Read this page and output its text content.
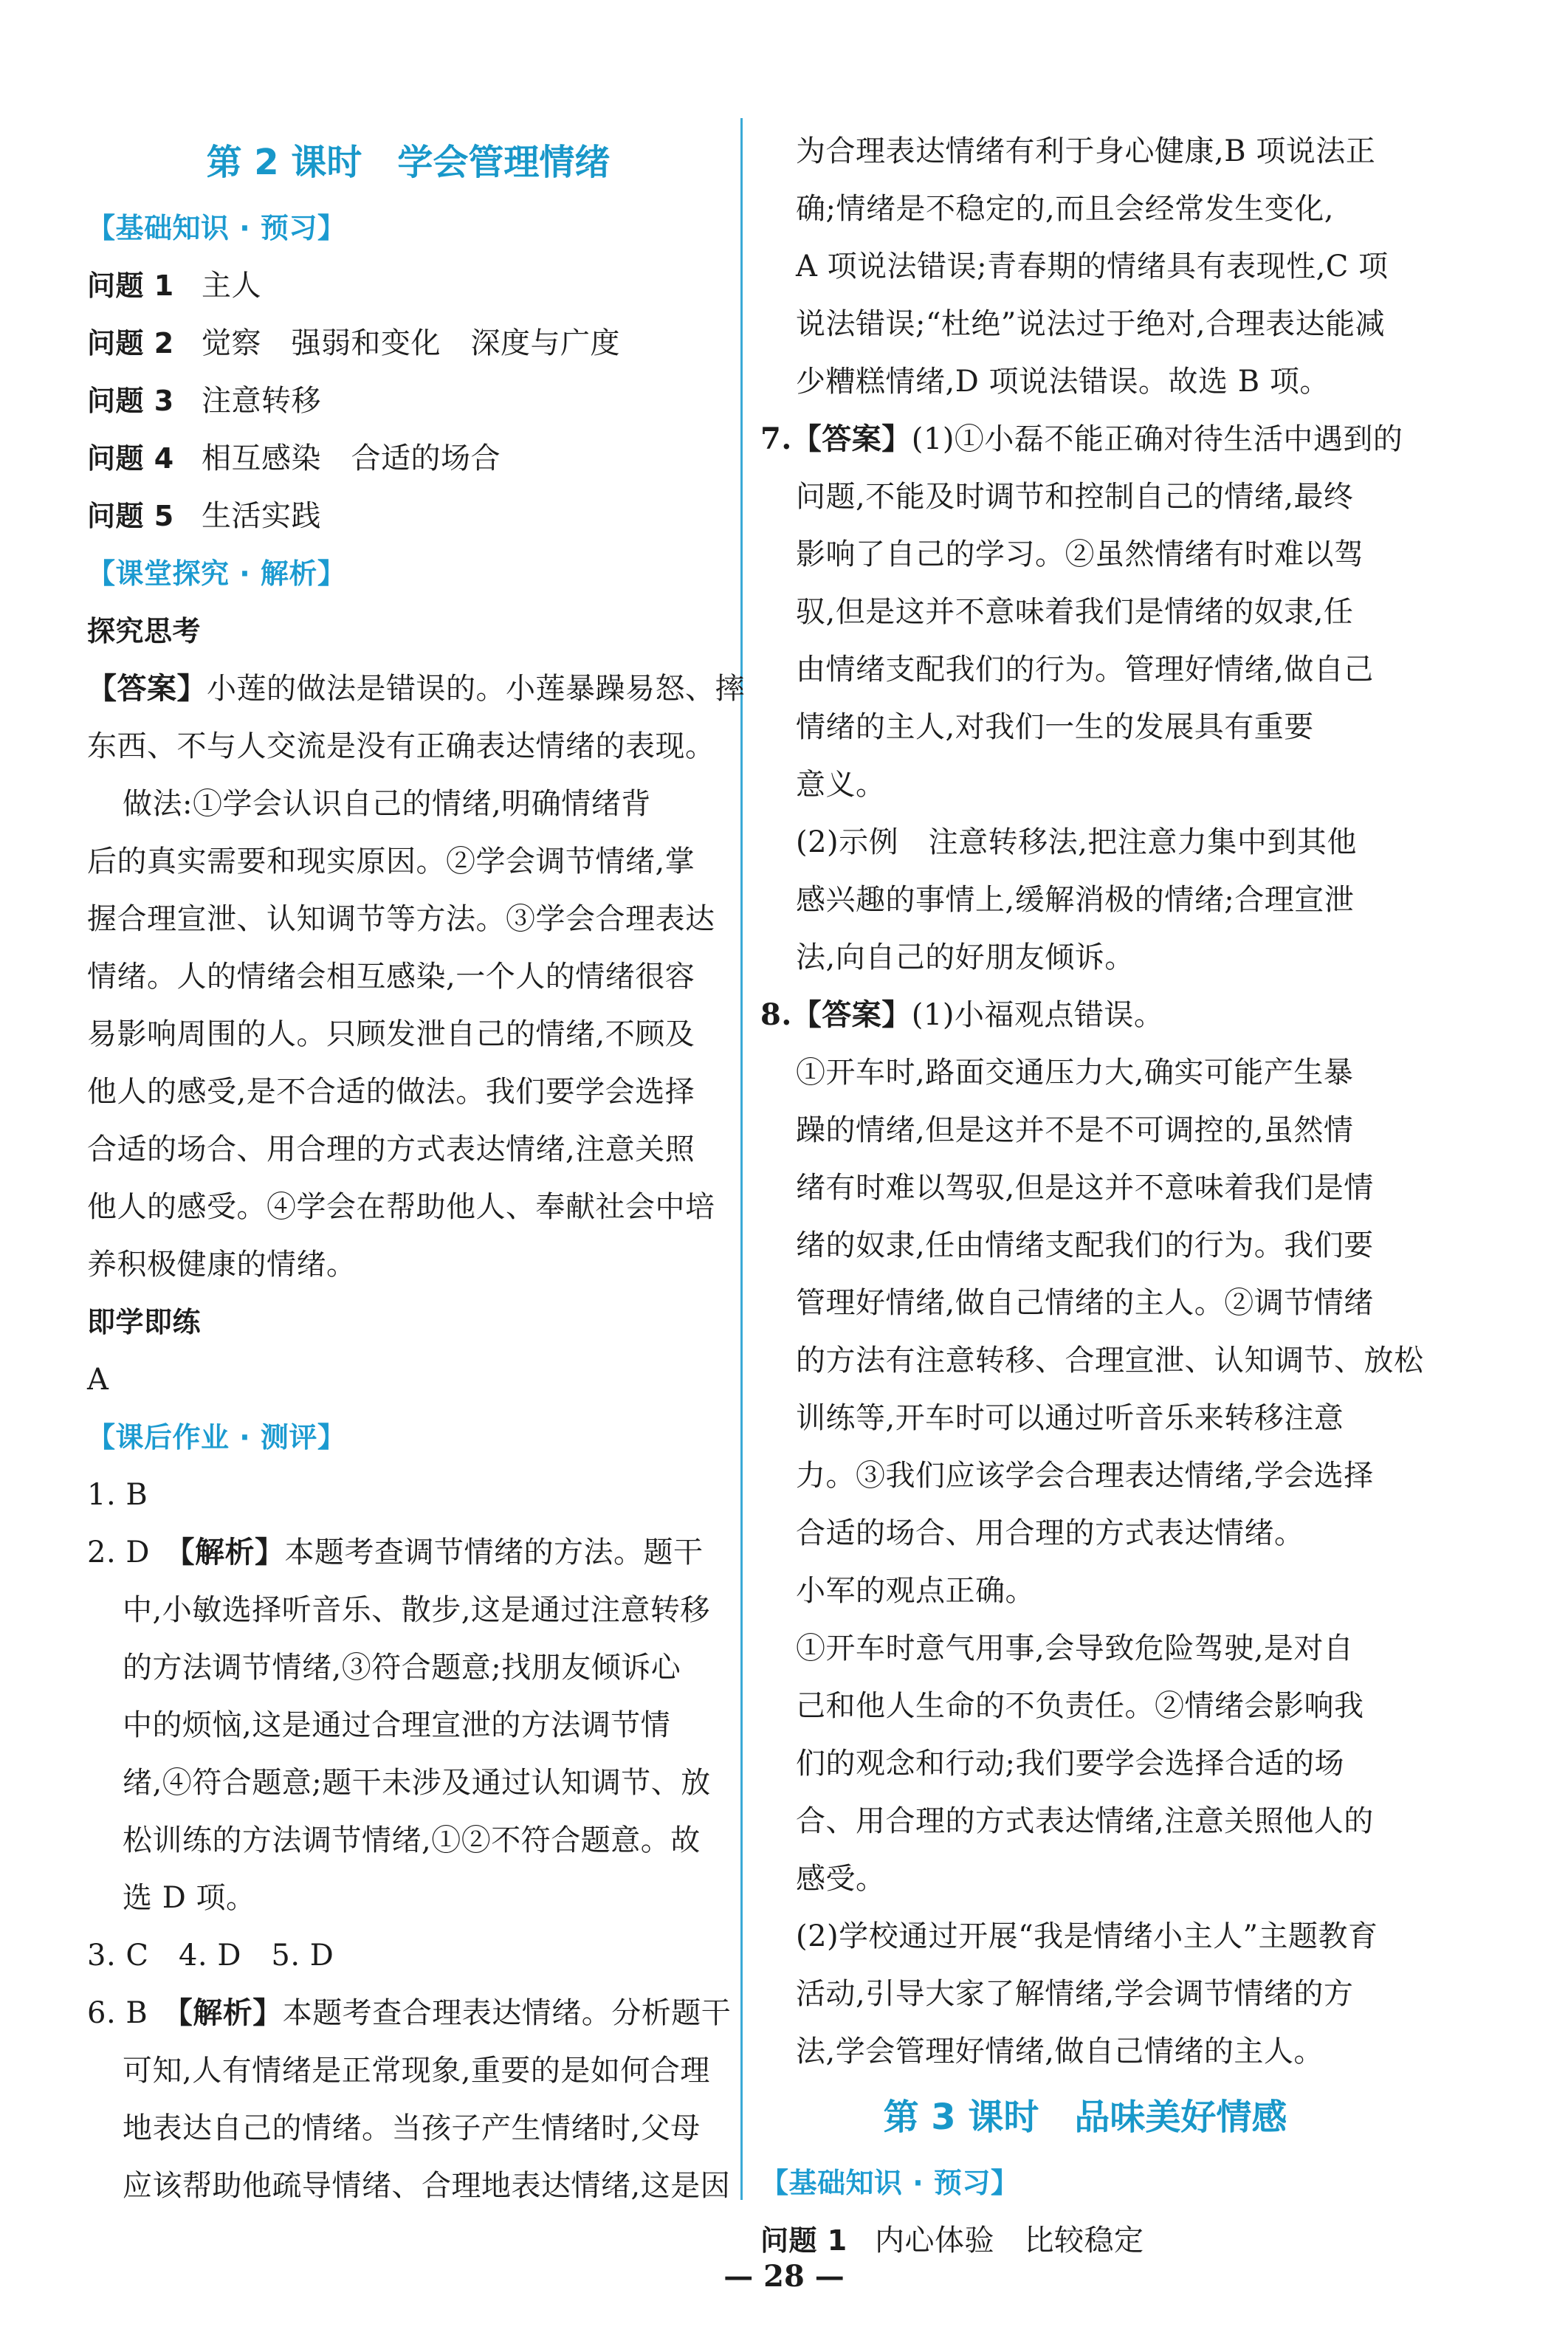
第 2 课时　学会管理情绪
【基础知识 · 预习】
问题 1 主人
问题 2 觉察　强弱和变化　深度与广度
问题 3 注意转移
问题 4 相互感染　合适的场合
问题 5 生活实践
【课堂探究 · 解析】
探究思考
【答案】小莲的做法是错误的。小莲暴躁易怒、摔
东西、不与人交流是没有正确表达情绪的表现。
做法:①学会认识自己的情绪,明确情绪背
后的真实需要和现实原因。②学会调节情绪,掌
握合理宣泄、认知调节等方法。③学会合理表达
情绪。人的情绪会相互感染,一个人的情绪很容
易影响周围的人。只顾发泄自己的情绪,不顾及
他人的感受,是不合适的做法。我们要学会选择
合适的场合、用合理的方式表达情绪,注意关照
他人的感受。④学会在帮助他人、奉献社会中培
养积极健康的情绪。
即学即练
A
【课后作业 · 测评】
1. B
2. D　【解析】本题考查调节情绪的方法。题干
中,小敏选择听音乐、散步,这是通过注意转移
的方法调节情绪,③符合题意;找朋友倾诉心
中的烦恼,这是通过合理宣泄的方法调节情
绪,④符合题意;题干未涉及通过认知调节、放
松训练的方法调节情绪,①②不符合题意。故
选 D 项。
3. C　4. D　5. D
6. B　【解析】本题考查合理表达情绪。分析题干
可知,人有情绪是正常现象,重要的是如何合理
地表达自己的情绪。当孩子产生情绪时,父母
应该帮助他疏导情绪、合理地表达情绪,这是因
为合理表达情绪有利于身心健康,B 项说法正
确;情绪是不稳定的,而且会经常发生变化,
A 项说法错误;青春期的情绪具有表现性,C 项
说法错误;“杜绝”说法过于绝对,合理表达能减
少糟糕情绪,D 项说法错误。故选 B 项。
7.【答案】(1)①小磊不能正确对待生活中遇到的
问题,不能及时调节和控制自己的情绪,最终
影响了自己的学习。②虽然情绪有时难以驾
驭,但是这并不意味着我们是情绪的奴隶,任
由情绪支配我们的行为。管理好情绪,做自己
情绪的主人,对我们一生的发展具有重要
意义。
(2)示例　注意转移法,把注意力集中到其他
感兴趣的事情上,缓解消极的情绪;合理宣泄
法,向自己的好朋友倾诉。
8.【答案】(1)小福观点错误。
①开车时,路面交通压力大,确实可能产生暴
躁的情绪,但是这并不是不可调控的,虽然情
绪有时难以驾驭,但是这并不意味着我们是情
绪的奴隶,任由情绪支配我们的行为。我们要
管理好情绪,做自己情绪的主人。②调节情绪
的方法有注意转移、合理宣泄、认知调节、放松
训练等,开车时可以通过听音乐来转移注意
力。③我们应该学会合理表达情绪,学会选择
合适的场合、用合理的方式表达情绪。
小军的观点正确。
①开车时意气用事,会导致危险驾驶,是对自
己和他人生命的不负责任。②情绪会影响我
们的观念和行动;我们要学会选择合适的场
合、用合理的方式表达情绪,注意关照他人的
感受。
(2)学校通过开展“我是情绪小主人”主题教育
活动,引导大家了解情绪,学会调节情绪的方
法,学会管理好情绪,做自己情绪的主人。
第 3 课时　品味美好情感
【基础知识 · 预习】
问题 1 内心体验　比较稳定
— 28 —
